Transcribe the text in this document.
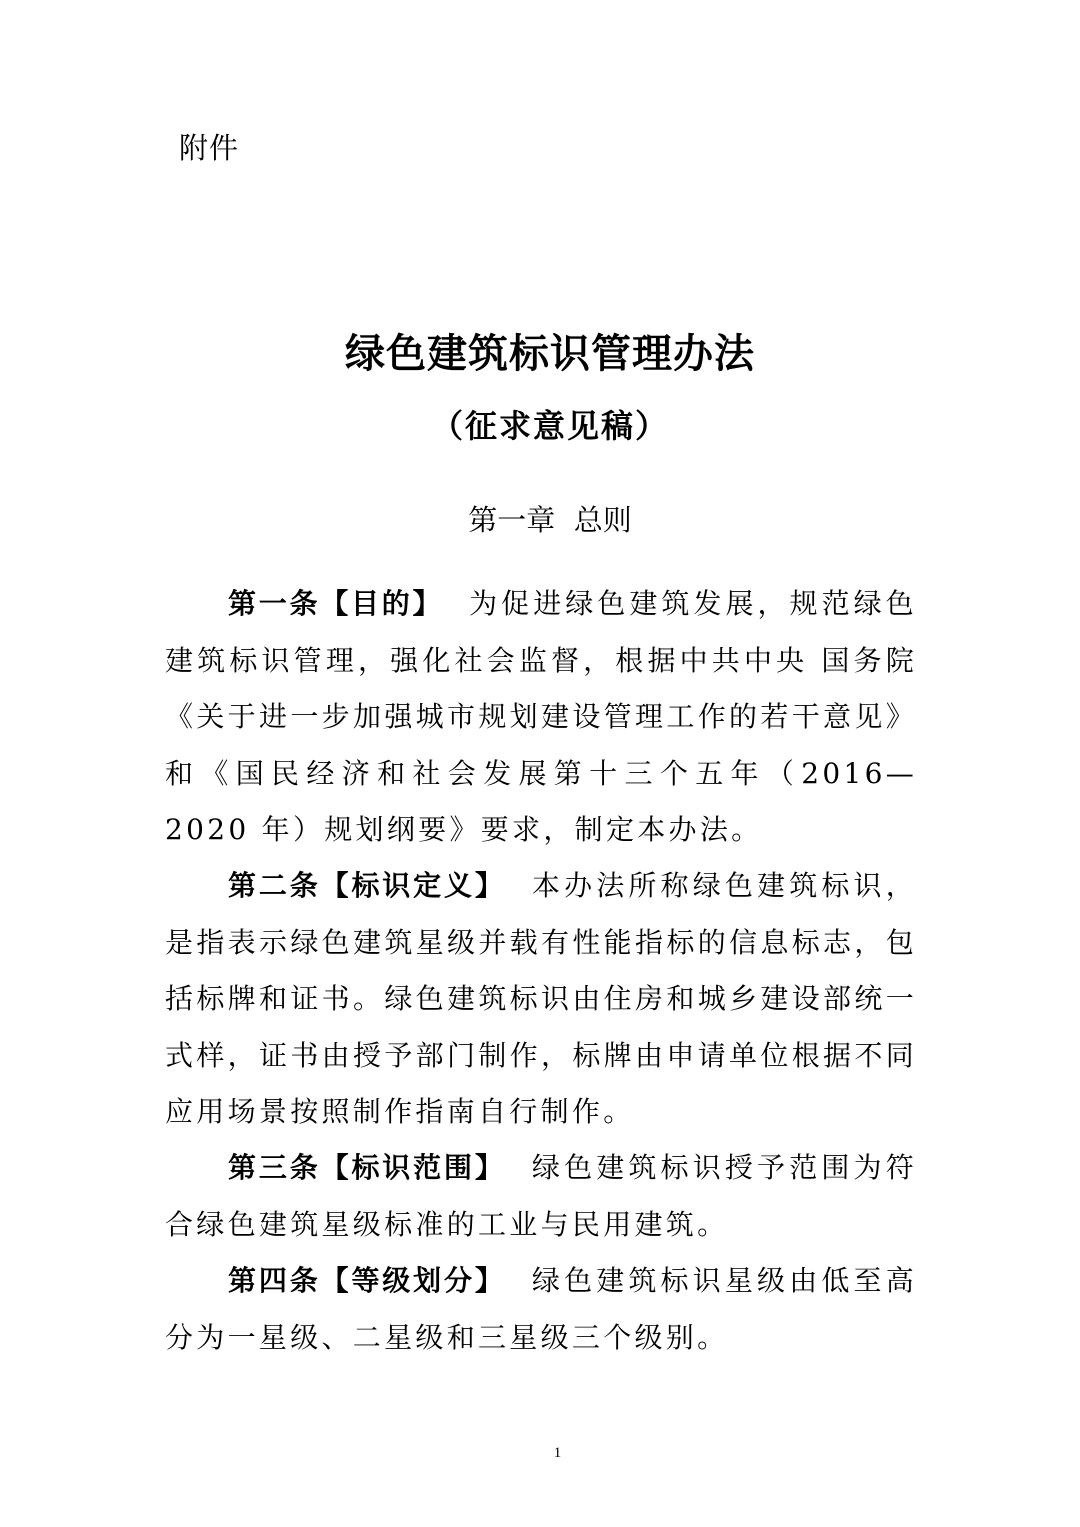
附件
绿色建筑标识管理办法
（征求意见稿）
第一章  总则

第一条【目的】 为促进绿色建筑发展，规范绿色建筑标识管理，强化社会监督，根据中共中央 国务院《关于进一步加强城市规划建设管理工作的若干意见》和《国民经济和社会发展第十三个五年（2016—2020 年）规划纲要》要求，制定本办法。

第二条【标识定义】 本办法所称绿色建筑标识，是指表示绿色建筑星级并载有性能指标的信息标志，包括标牌和证书。绿色建筑标识由住房和城乡建设部统一式样，证书由授予部门制作，标牌由申请单位根据不同应用场景按照制作指南自行制作。

第三条【标识范围】 绿色建筑标识授予范围为符合绿色建筑星级标准的工业与民用建筑。

第四条【等级划分】 绿色建筑标识星级由低至高分为一星级、二星级和三星级三个级别。

1
